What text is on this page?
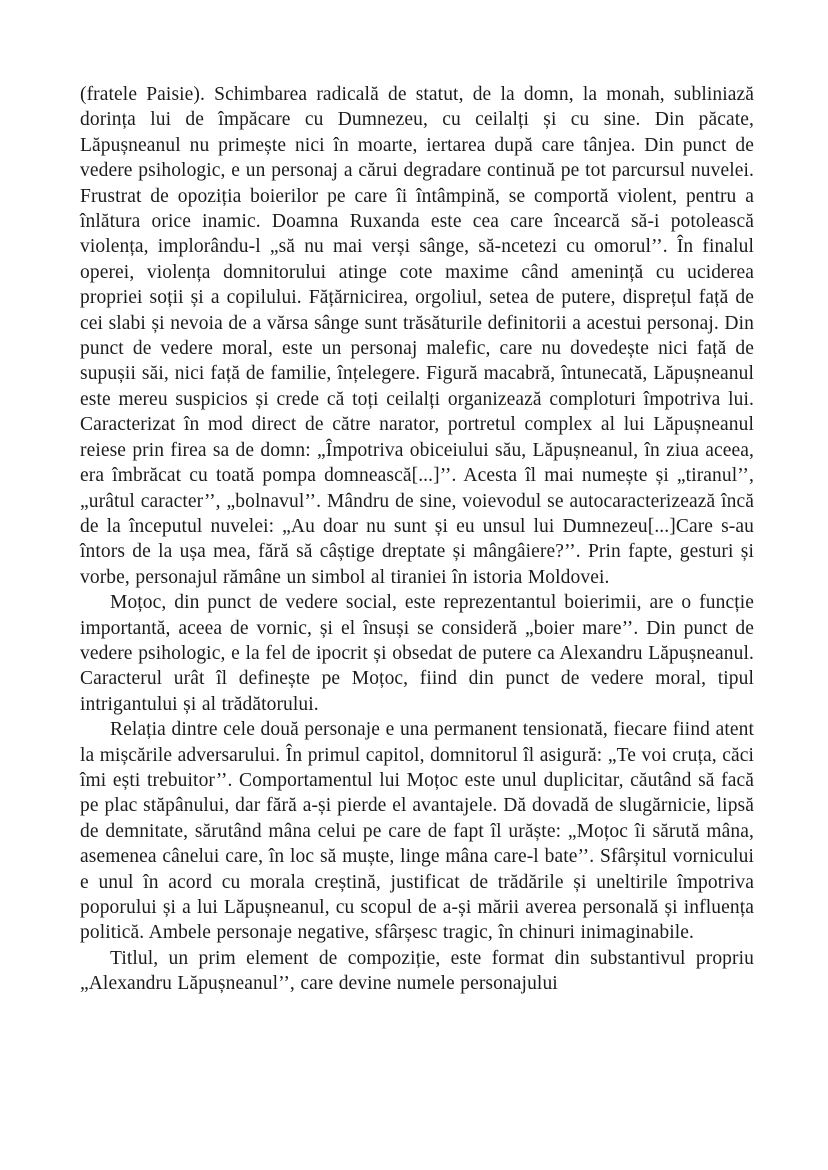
(fratele Paisie). Schimbarea radicală de statut, de la domn, la monah, subliniază dorința lui de împăcare cu Dumnezeu, cu ceilalți și cu sine. Din păcate, Lăpușneanul nu primește nici în moarte, iertarea după care tânjea. Din punct de vedere psihologic, e un personaj a cărui degradare continuă pe tot parcursul nuvelei. Frustrat de opoziția boierilor pe care îi întâmpină, se comportă violent, pentru a înlătura orice inamic. Doamna Ruxanda este cea care încearcă să-i potolească violența, implorându-l „să nu mai verși sânge, să-ncetezi cu omorul’’. În finalul operei, violența domnitorului atinge cote maxime când amenință cu uciderea propriei soții și a copilului. Fățărnicirea, orgoliul, setea de putere, disprețul față de cei slabi și nevoia de a vărsa sânge sunt trăsăturile definitorii a acestui personaj. Din punct de vedere moral, este un personaj malefic, care nu dovedește nici față de supușii săi, nici față de familie, înțelegere. Figură macabră, întunecată, Lăpușneanul este mereu suspicios și crede că toți ceilalți organizează comploturi împotriva lui. Caracterizat în mod direct de către narator, portretul complex al lui Lăpușneanul reiese prin firea sa de domn: „Împotriva obiceiului său, Lăpușneanul, în ziua aceea, era îmbrăcat cu toată pompa domnească[...]’’. Acesta îl mai numește și „tiranul’’, „urâtul caracter’’, „bolnavul’’. Mândru de sine, voievodul se autocaracterizează încă de la începutul nuvelei: „Au doar nu sunt și eu unsul lui Dumnezeu[...]Care s-au întors de la ușa mea, fără să câștige dreptate și mângâiere?’’. Prin fapte, gesturi și vorbe, personajul rămâne un simbol al tiraniei în istoria Moldovei.

Moțoc, din punct de vedere social, este reprezentantul boierimii, are o funcție importantă, aceea de vornic, și el însuși se consideră „boier mare’’. Din punct de vedere psihologic, e la fel de ipocrit și obsedat de putere ca Alexandru Lăpușneanul. Caracterul urât îl definește pe Moțoc, fiind din punct de vedere moral, tipul intrigantului și al trădătorului.

Relația dintre cele două personaje e una permanent tensionată, fiecare fiind atent la mișcările adversarului. În primul capitol, domnitorul îl asigură: „Te voi cruța, căci îmi ești trebuitor’’. Comportamentul lui Moțoc este unul duplicitar, căutând să facă pe plac stăpânului, dar fără a-și pierde el avantajele. Dă dovadă de slugărnicie, lipsă de demnitate, sărutând mâna celui pe care de fapt îl urăște: „Moțoc îi sărută mâna, asemenea cânelui care, în loc să muște, linge mâna care-l bate’’. Sfârșitul vornicului e unul în acord cu morala creștină, justificat de trădările și uneltirile împotriva poporului și a lui Lăpușneanul, cu scopul de a-și mării averea personală și influența politică. Ambele personaje negative, sfârșesc tragic, în chinuri inimaginabile.

Titlul, un prim element de compoziție, este format din substantivul propriu „Alexandru Lăpușneanul’’, care devine numele personajului
